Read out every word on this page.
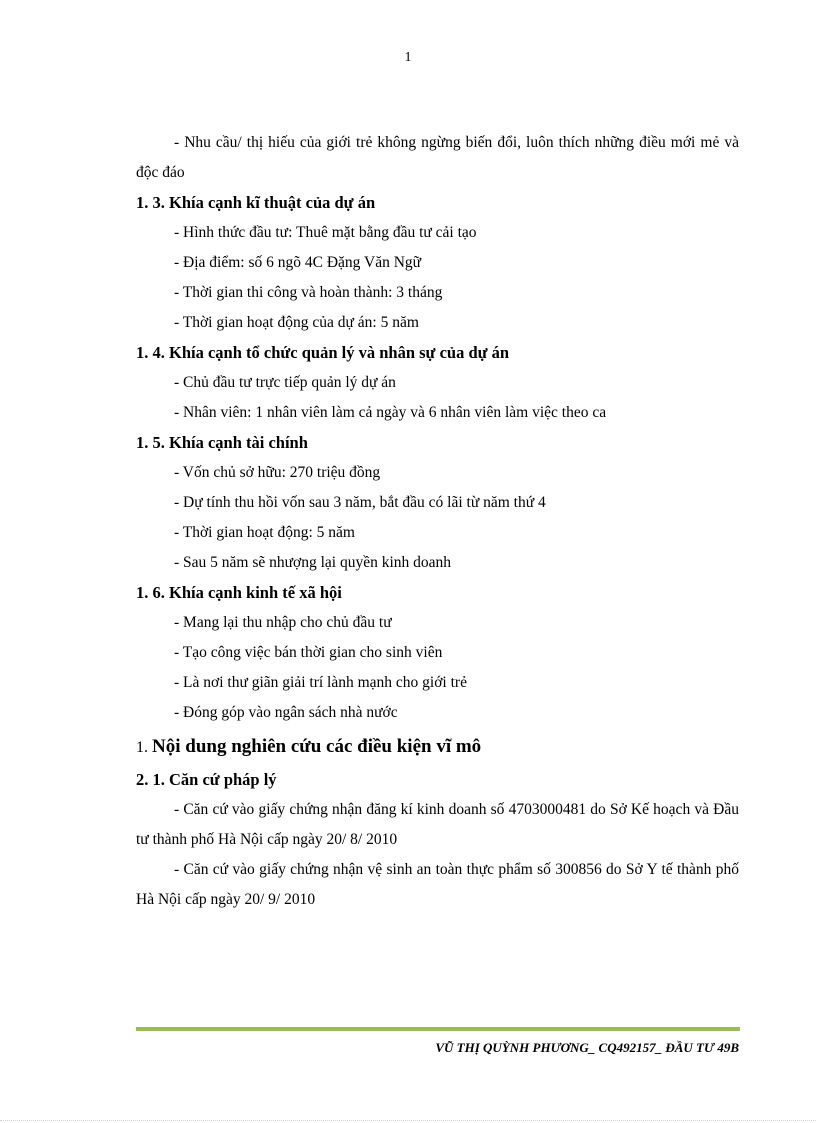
1

- Nhu cầu/ thị hiếu của giới trẻ không ngừng biến đổi, luôn thích những điều mới mẻ và độc đáo

1. 3. Khía cạnh kĩ thuật của dự án

- Hình thức đầu tư: Thuê mặt bằng đầu tư cải tạo

- Địa điểm: số 6 ngõ 4C Đặng Văn Ngữ

- Thời gian thi công và hoàn thành: 3 tháng

- Thời gian hoạt động của dự án: 5 năm

1. 4. Khía cạnh tổ chức quản lý và nhân sự của dự án

- Chủ đầu tư trực tiếp quản lý dự án

- Nhân viên: 1 nhân viên làm cả ngày và 6 nhân viên làm việc theo ca

1. 5. Khía cạnh tài chính

- Vốn chủ sở hữu: 270 triệu đồng

- Dự tính thu hồi vốn sau 3 năm, bắt đầu có lãi từ năm thứ 4

- Thời gian hoạt động: 5 năm

- Sau 5 năm sẽ nhượng lại quyền kinh doanh

1. 6. Khía cạnh kinh tế xã hội

- Mang lại thu nhập cho chủ đầu tư

- Tạo công việc bán thời gian cho sinh viên

- Là nơi thư giãn giải trí lành mạnh cho giới trẻ

- Đóng góp vào ngân sách nhà nước

1. Nội dung nghiên cứu các điều kiện vĩ mô

2. 1. Căn cứ pháp lý

- Căn cứ vào giấy chứng nhận đăng kí kinh doanh số 4703000481 do Sở Kế hoạch và Đầu tư thành phố Hà Nội cấp ngày 20/ 8/ 2010

- Căn cứ vào giấy chứng nhận vệ sinh an toàn thực phẩm số 300856 do Sở Y tế thành phố Hà Nội cấp ngày 20/ 9/ 2010

VŨ THỊ QUỲNH PHƯƠNG_ CQ492157_ ĐẦU TƯ 49B
